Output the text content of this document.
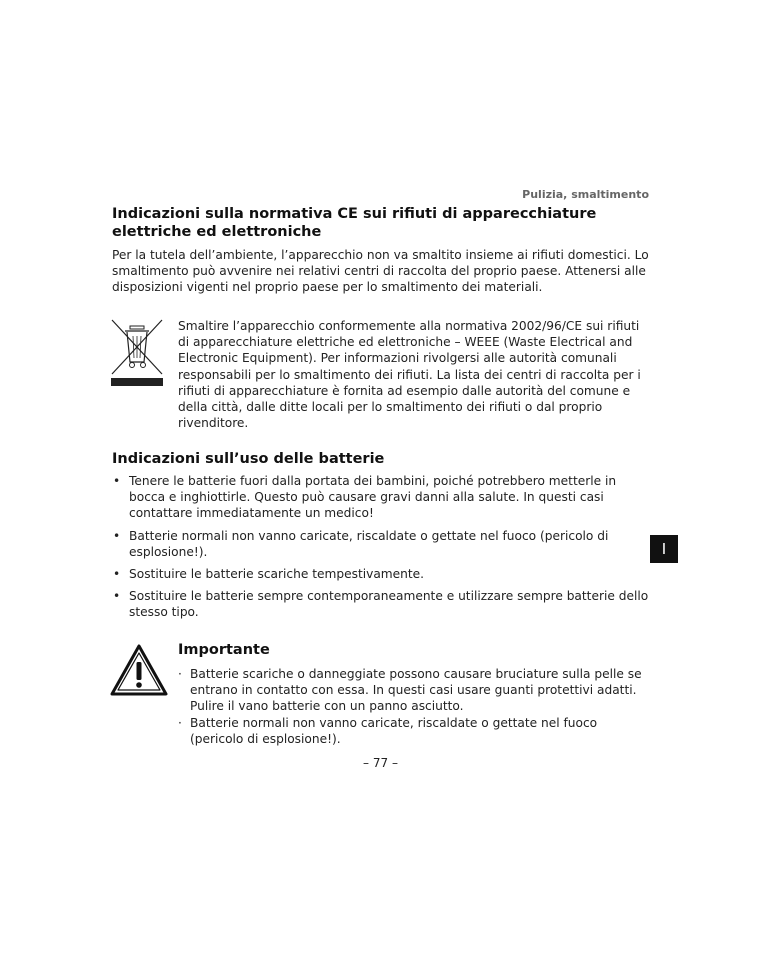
Pulizia, smaltimento
Indicazioni sulla normativa CE sui rifiuti di apparecchiature elettriche ed elettroniche
Per la tutela dell’ambiente, l’apparecchio non va smaltito insieme ai rifiuti domestici. Lo smaltimento può avvenire nei relativi centri di raccolta del proprio paese. Attenersi alle disposizioni vigenti nel proprio paese per lo smaltimento dei materiali.
Smaltire l’apparecchio conformemente alla normativa 2002/96/CE sui rifiuti di apparecchiature elettriche ed elettroniche – WEEE (Waste Electrical and Electronic Equipment). Per informazioni rivolgersi alle autorità comunali responsabili per lo smaltimento dei rifiuti. La lista dei centri di raccolta per i rifiuti di apparecchiature è fornita ad esempio dalle autorità del comune e della città, dalle ditte locali per lo smaltimento dei rifiuti o dal proprio rivenditore.
Indicazioni sull’uso delle batterie
• Tenere le batterie fuori dalla portata dei bambini, poiché potrebbero metterle in bocca e inghiottirle. Questo può causare gravi danni alla salute. In questi casi contattare immediatamente un medico!
• Batterie normali non vanno caricate, riscaldate o gettate nel fuoco (pericolo di esplosione!).
• Sostituire le batterie scariche tempestivamente.
• Sostituire le batterie sempre contemporaneamente e utilizzare sempre batterie dello stesso tipo.
I
Importante
· Batterie scariche o danneggiate possono causare bruciature sulla pelle se entrano in contatto con essa. In questi casi usare guanti protettivi adatti. Pulire il vano batterie con un panno asciutto.
· Batterie normali non vanno caricate, riscaldate o gettate nel fuoco (pericolo di esplosione!).
– 77 –
